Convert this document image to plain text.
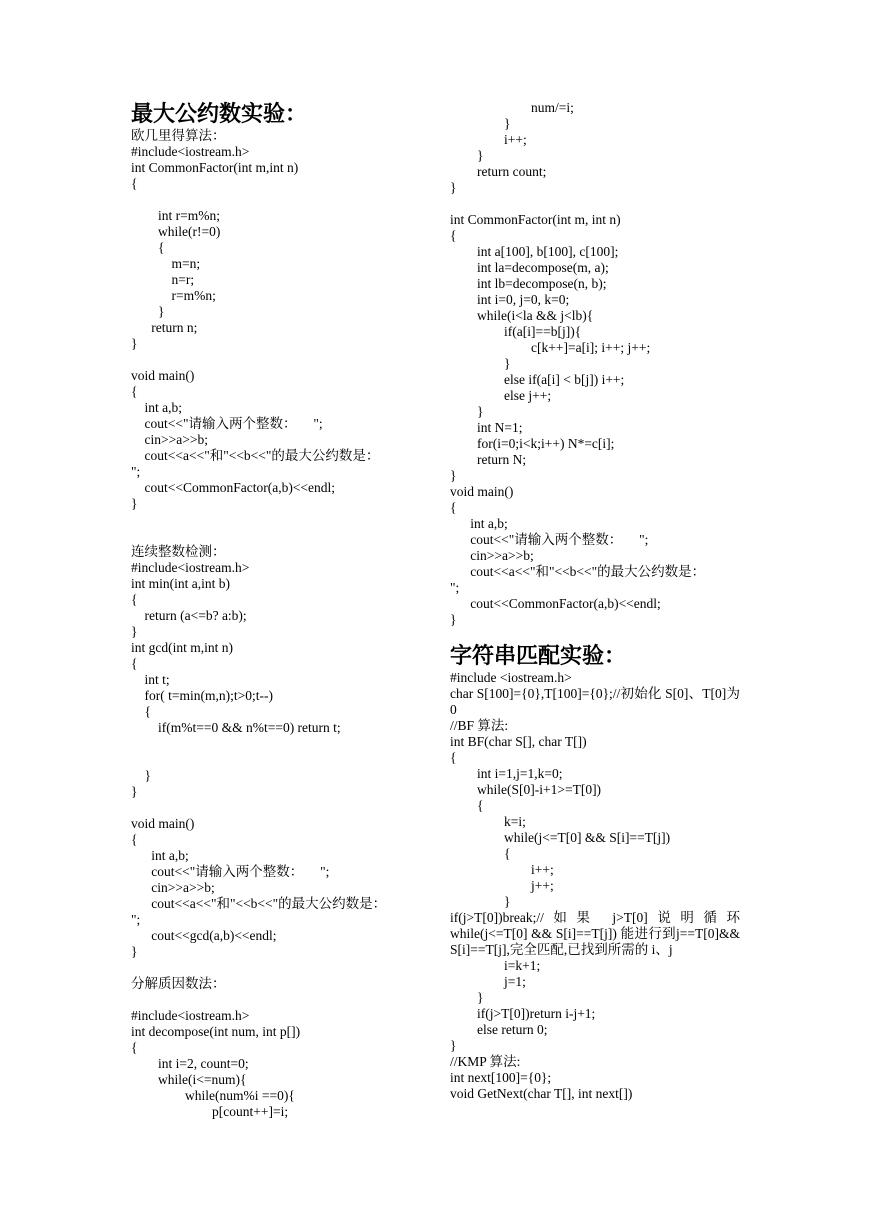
最大公约数实验：
欧几里得算法：
#include<iostream.h>
int CommonFactor(int m,int n)
{
int r=m%n;
while(r!=0)
{
m=n;
n=r;
r=m%n;
}
return n;
}
void main()
{
int a,b;
cout<<"请输入两个整数：     ";
cin>>a>>b;
cout<<a<<"和"<<b<<"的最大公约数是：
";
cout<<CommonFactor(a,b)<<endl;
}
连续整数检测：
#include<iostream.h>
int min(int a,int b)
{
return (a<=b? a:b);
}
int gcd(int m,int n)
{
int t;
for( t=min(m,n);t>0;t--)
{
if(m%t==0 && n%t==0) return t;
}
}
void main()
{
int a,b;
cout<<"请输入两个整数：     ";
cin>>a>>b;
cout<<a<<"和"<<b<<"的最大公约数是：
";
cout<<gcd(a,b)<<endl;
}
分解质因数法：
#include<iostream.h>
int decompose(int num, int p[])
{
int i=2, count=0;
while(i<=num){
while(num%i ==0){
p[count++]=i;
num/=i;
}
i++;
}
return count;
}
int CommonFactor(int m, int n)
{
int a[100], b[100], c[100];
int la=decompose(m, a);
int lb=decompose(n, b);
int i=0, j=0, k=0;
while(i<la && j<lb){
if(a[i]==b[j]){
c[k++]=a[i]; i++; j++;
}
else if(a[i] < b[j]) i++;
else j++;
}
int N=1;
for(i=0;i<k;i++) N*=c[i];
return N;
}
void main()
{
int a,b;
cout<<"请输入两个整数：     ";
cin>>a>>b;
cout<<a<<"和"<<b<<"的最大公约数是：
";
cout<<CommonFactor(a,b)<<endl;
}
字符串匹配实验：
#include <iostream.h>
char S[100]={0},T[100]={0};//初始化 S[0]、T[0]为 0
//BF 算法:
int BF(char S[], char T[])
{
int i=1,j=1,k=0;
while(S[0]-i+1>=T[0])
{
k=i;
while(j<=T[0] && S[i]==T[j])
{
i++;
j++;
}
if(j>T[0])break;//如果 j>T[0]说明循环 while(j<=T[0] && S[i]==T[j]) 能进行到j==T[0]&& S[i]==T[j],完全匹配,已找到所需的 i、j
i=k+1;
j=1;
}
if(j>T[0])return i-j+1;
else return 0;
}
//KMP 算法:
int next[100]={0};
void GetNext(char T[], int next[])
